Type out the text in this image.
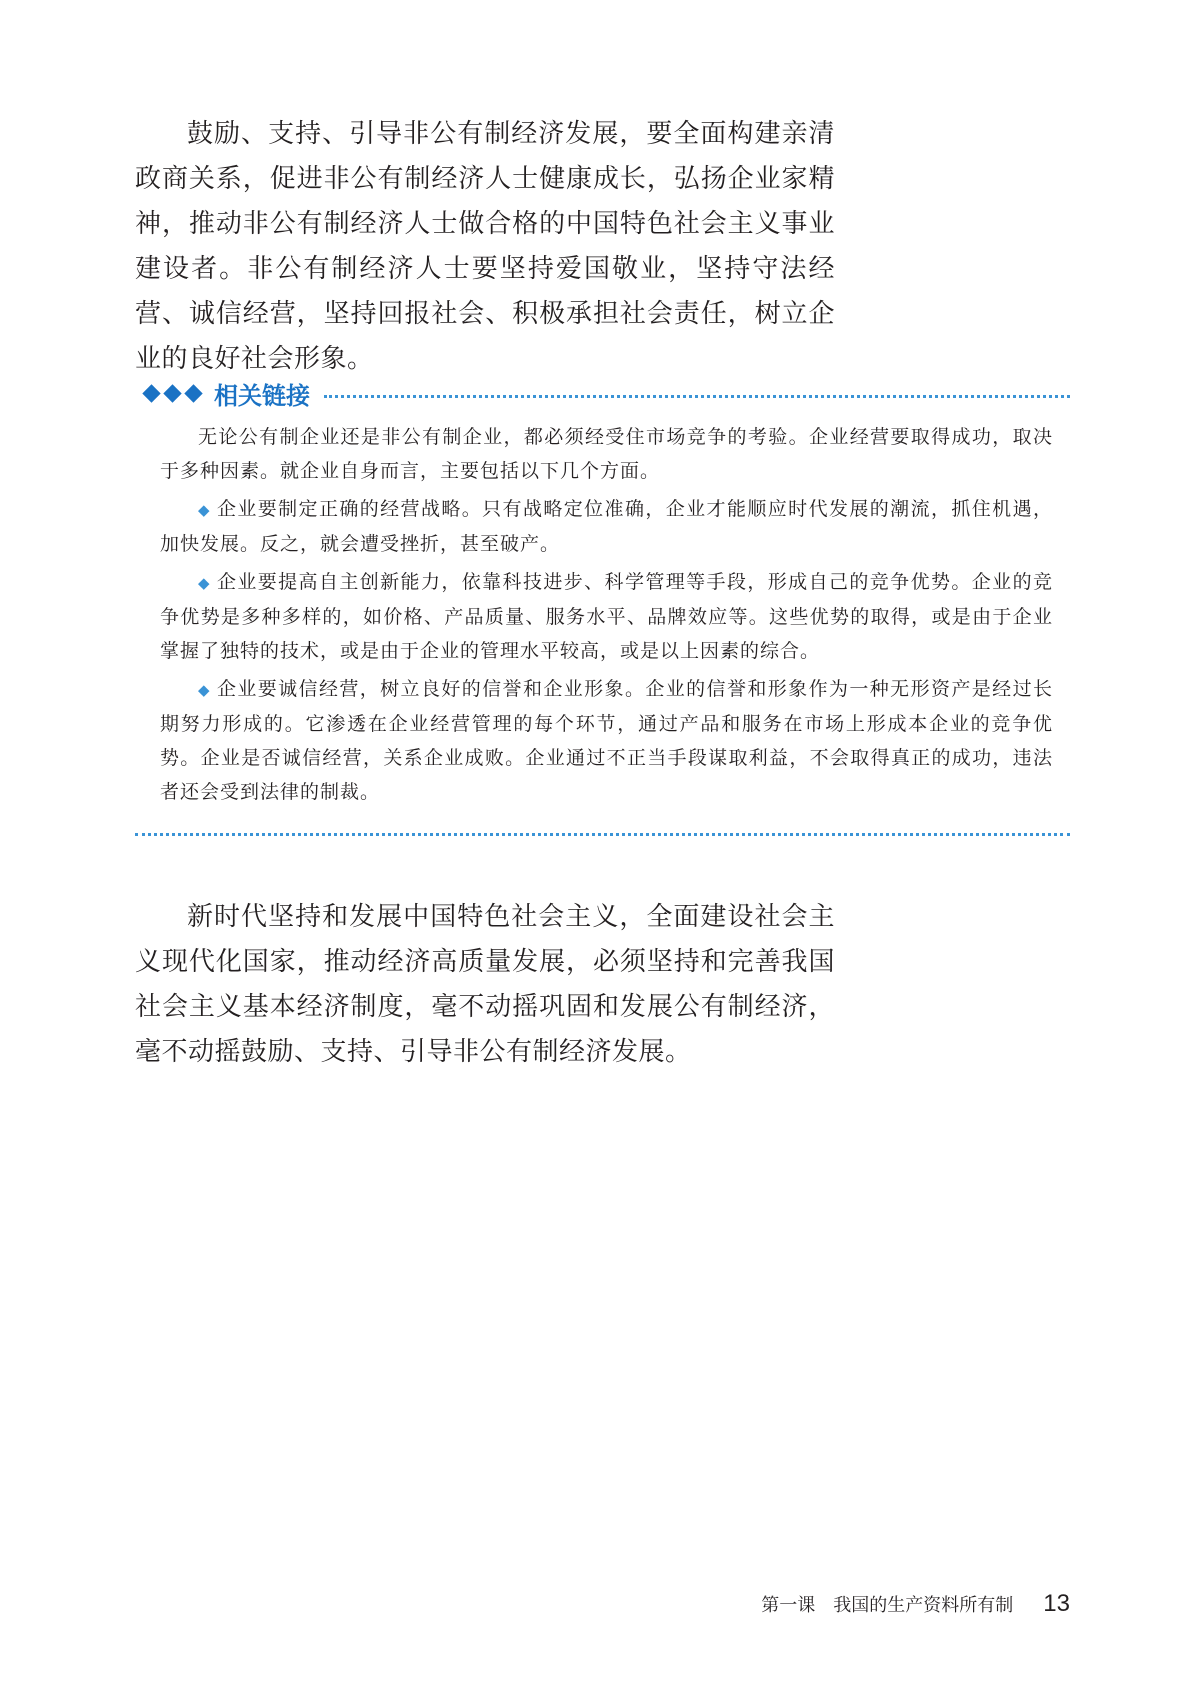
鼓励、支持、引导非公有制经济发展，要全面构建亲清政商关系，促进非公有制经济人士健康成长，弘扬企业家精神，推动非公有制经济人士做合格的中国特色社会主义事业建设者。非公有制经济人士要坚持爱国敬业，坚持守法经营、诚信经营，坚持回报社会、积极承担社会责任，树立企业的良好社会形象。

相关链接

无论公有制企业还是非公有制企业，都必须经受住市场竞争的考验。企业经营要取得成功，取决于多种因素。就企业自身而言，主要包括以下几个方面。

◆ 企业要制定正确的经营战略。只有战略定位准确，企业才能顺应时代发展的潮流，抓住机遇，加快发展。反之，就会遭受挫折，甚至破产。

◆ 企业要提高自主创新能力，依靠科技进步、科学管理等手段，形成自己的竞争优势。企业的竞争优势是多种多样的，如价格、产品质量、服务水平、品牌效应等。这些优势的取得，或是由于企业掌握了独特的技术，或是由于企业的管理水平较高，或是以上因素的综合。

◆ 企业要诚信经营，树立良好的信誉和企业形象。企业的信誉和形象作为一种无形资产是经过长期努力形成的。它渗透在企业经营管理的每个环节，通过产品和服务在市场上形成本企业的竞争优势。企业是否诚信经营，关系企业成败。企业通过不正当手段谋取利益，不会取得真正的成功，违法者还会受到法律的制裁。

新时代坚持和发展中国特色社会主义，全面建设社会主义现代化国家，推动经济高质量发展，必须坚持和完善我国社会主义基本经济制度，毫不动摇巩固和发展公有制经济，毫不动摇鼓励、支持、引导非公有制经济发展。

第一课　我国的生产资料所有制 13
